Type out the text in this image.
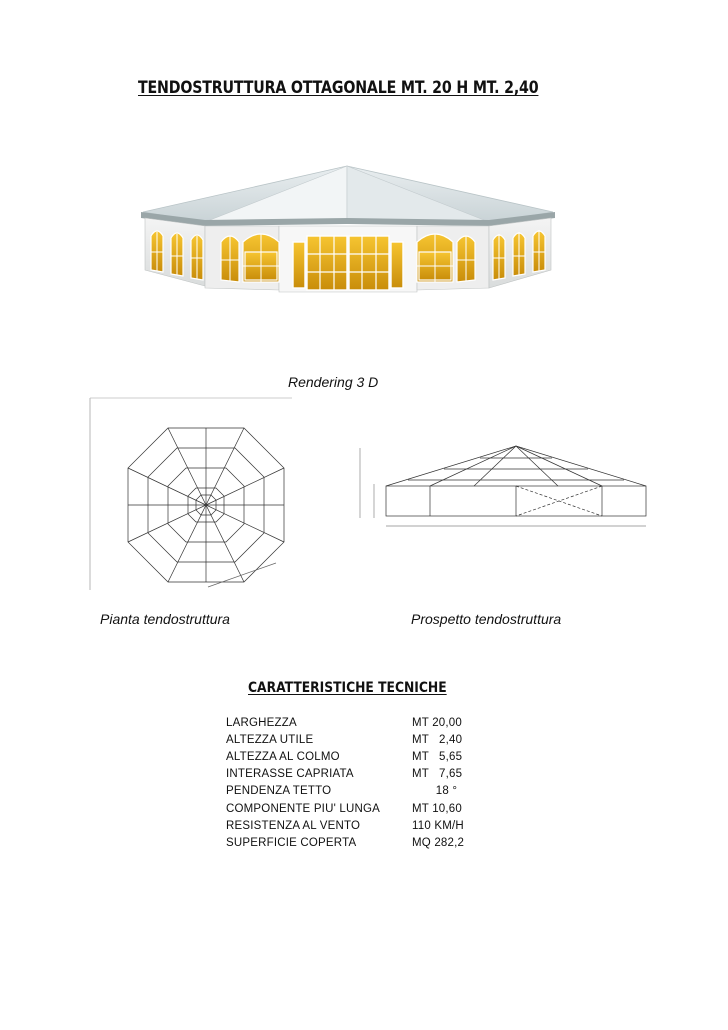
TENDOSTRUTTURA OTTAGONALE MT. 20 H MT. 2,40
Rendering 3 D
Pianta tendostruttura	Prospetto tendostruttura
CARATTERISTICHE TECNICHE
LARGHEZZA	MT 20,00
ALTEZZA UTILE	MT   2,40
ALTEZZA AL COLMO	MT   5,65
INTERASSE CAPRIATA	MT   7,65
PENDENZA TETTO	18 °
COMPONENTE PIU' LUNGA	MT 10,60
RESISTENZA AL VENTO	110 KM/H
SUPERFICIE COPERTA	MQ 282,2
